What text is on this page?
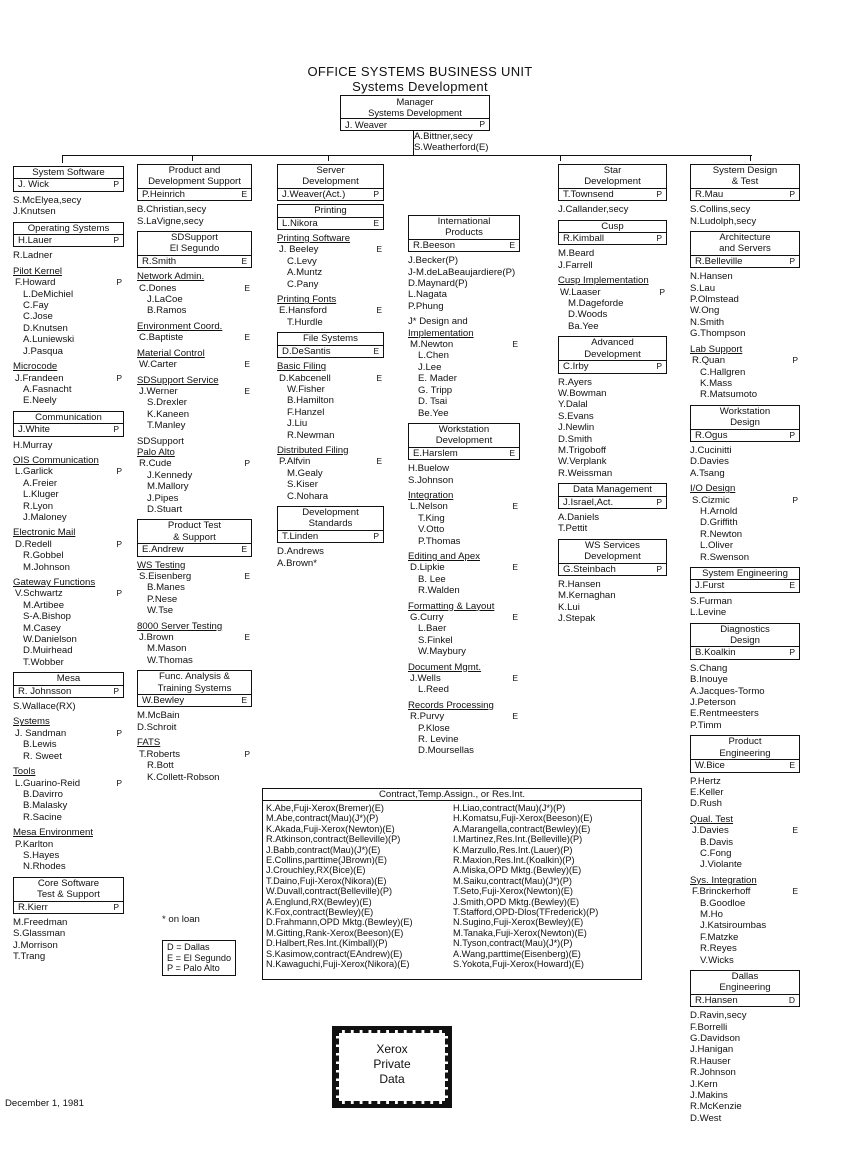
OFFICE SYSTEMS BUSINESS UNIT
Systems Development
Manager
Systems Development
J. Weaver	P
A.Bittner,secy
S.Weatherford(E)
System Software
J. Wick	P
S.McElyea,secy
J.Knutsen
Operating Systems
H.Lauer	P
R.Ladner
Pilot Kernel
F.Howard	P
L.DeMichiel
C.Fay
C.Jose
D.Knutsen
A.Luniewski
J.Pasqua
Microcode
J.Frandeen	P
A.Fasnacht
E.Neely
Communication
J.White	P
H.Murray
OIS Communication
L.Garlick	P
A.Freier
L.Kluger
R.Lyon
J.Maloney
Electronic Mail
D.Redell	P
R.Gobbel
M.Johnson
Gateway Functions
V.Schwartz	P
M.Artibee
S-A.Bishop
M.Casey
W.Danielson
D.Muirhead
T.Wobber
Mesa
R. Johnsson	P
S.Wallace(RX)
Systems
J. Sandman	P
B.Lewis
R. Sweet
Tools
L.Guarino-Reid	P
B.Davirro
B.Malasky
R.Sacine
Mesa Environment
P.Karlton
S.Hayes
N.Rhodes
Core Software
Test & Support
R.Kierr	P
M.Freedman
S.Glassman
J.Morrison
T.Trang
Product and
Development Support
P.Heinrich	E
B.Christian,secy
S.LaVigne,secy
SDSupport
El Segundo
R.Smith	E
Network Admin.
C.Dones	E
J.LaCoe
B.Ramos
Environment Coord.
C.Baptiste	E
Material Control
W.Carter	E
SDSupport Service
J.Werner	E
S.Drexler
K.Kaneen
T.Manley
SDSupport
Palo Alto
R.Cude	P
J.Kennedy
M.Mallory
J.Pipes
D.Stuart
Product Test
& Support
E.Andrew	E
WS Testing
S.Eisenberg	E
B.Manes
P.Nese
W.Tse
8000 Server Testing
J.Brown	E
M.Mason
W.Thomas
Func. Analysis &
Training Systems
W.Bewley	E
M.McBain
D.Schroit
FATS
T.Roberts	P
R.Bott
K.Collett-Robson
Server
Development
J.Weaver(Act.)	P
Printing
L.Nikora	E
Printing Software
J. Beeley	E
C.Levy
A.Muntz
C.Pany
Printing Fonts
E.Hansford	E
T.Hurdle
File Systems
D.DeSantis	E
Basic Filing
D.Kabcenell	E
W.Fisher
B.Hamilton
F.Hanzel
J.Liu
R.Newman
Distributed Filing
P.Alfvin	E
M.Gealy
S.Kiser
C.Nohara
Development
Standards
T.Linden	P
D.Andrews
A.Brown*
International
Products
R.Beeson	E
J.Becker(P)
J-M.deLaBeaujardiere(P)
D.Maynard(P)
L.Nagata
P.Phung
J* Design and
Implementation
M.Newton	E
L.Chen
J.Lee
E. Mader
G. Tripp
D. Tsai
Be.Yee
Workstation
Development
E.Harslem	E
H.Buelow
S.Johnson
Integration
L.Nelson	E
T.King
V.Otto
P.Thomas
Editing and Apex
D.Lipkie	E
B. Lee
R.Walden
Formatting & Layout
G.Curry	E
L.Baer
S.Finkel
W.Maybury
Document Mgmt.
J.Wells	E
L.Reed
Records Processing
R.Purvy	E
P.Klose
R. Levine
D.Moursellas
Star
Development
T.Townsend	P
J.Callander,secy
Cusp
R.Kimball	P
M.Beard
J.Farrell
Cusp Implementation
W.Laaser	P
M.Dageforde
D.Woods
Ba.Yee
Advanced
Development
C.Irby	P
R.Ayers
W.Bowman
Y.Dalal
S.Evans
J.Newlin
D.Smith
M.Trigoboff
W.Verplank
R.Weissman
Data Management
J.Israel,Act.	P
A.Daniels
T.Pettit
WS Services
Development
G.Steinbach	P
R.Hansen
M.Kernaghan
K.Lui
J.Stepak
System Design
& Test
R.Mau	P
S.Collins,secy
N.Ludolph,secy
Architecture
and Servers
R.Belleville	P
N.Hansen
S.Lau
P.Olmstead
W.Ong
N.Smith
G.Thompson
Lab Support
R.Quan	P
C.Hallgren
K.Mass
R.Matsumoto
Workstation
Design
R.Ogus	P
J.Cucinitti
D.Davies
A.Tsang
I/O Design
S.Cizmic	P
H.Arnold
D.Griffith
R.Newton
L.Oliver
R.Swenson
System Engineering
J.Furst	E
S.Furman
L.Levine
Diagnostics
Design
B.Koalkin	P
S.Chang
B.Inouye
A.Jacques-Tormo
J.Peterson
E.Rentmeesters
P.Timm
Product
Engineering
W.Bice	E
P.Hertz
E.Keller
D.Rush
Qual. Test
J.Davies	E
B.Davis
C.Fong
J.Violante
Sys. Integration
F.Brinckerhoff	E
B.Goodloe
M.Ho
J.Katsiroumbas
F.Matzke
R.Reyes
V.Wicks
Dallas
Engineering
R.Hansen	D
D.Ravin,secy
F.Borrelli
G.Davidson
J.Hanigan
R.Hauser
R.Johnson
J.Kern
J.Makins
R.McKenzie
D.West
Contract,Temp.Assign., or Res.Int.
K.Abe,Fuji-Xerox(Bremer)(E)
M.Abe,contract(Mau)(J*)(P)
K.Akada,Fuji-Xerox(Newton)(E)
R.Atkinson,contract(Belleville)(P)
J.Babb,contract(Mau)(J*)(E)
E.Collins,parttime(JBrown)(E)
J.Crouchley,RX(Bice)(E)
T.Daino,Fuji-Xerox(Nikora)(E)
W.Duvall,contract(Belleville)(P)
A.Englund,RX(Bewley)(E)
K.Fox,contract(Bewley)(E)
D.Frahmann,OPD Mktg.(Bewley)(E)
M.Gitting,Rank-Xerox(Beeson)(E)
D.Halbert,Res.Int.(Kimball)(P)
S.Kasimow,contract(EAndrew)(E)
N.Kawaguchi,Fuji-Xerox(Nikora)(E)
H.Liao,contract(Mau)(J*)(P)
H.Komatsu,Fuji-Xerox(Beeson)(E)
A.Marangella,contract(Bewley)(E)
I.Martinez,Res.Int.(Belleville)(P)
K.Marzullo,Res.Int.(Lauer)(P)
R.Maxion,Res.Int.(Koalkin)(P)
A.Miska,OPD Mktg.(Bewley)(E)
M.Saiku,contract(Mau)(J*)(P)
T.Seto,Fuji-Xerox(Newton)(E)
J.Smith,OPD Mktg.(Bewley)(E)
T.Stafford,OPD-Dlos(TFrederick)(P)
N.Sugino,Fuji-Xerox(Bewley)(E)
M.Tanaka,Fuji-Xerox(Newton)(E)
N.Tyson,contract(Mau)(J*)(P)
A.Wang,parttime(Eisenberg)(E)
S.Yokota,Fuji-Xerox(Howard)(E)
* on loan
D = Dallas
E = El Segundo
P = Palo Alto
Xerox
Private
Data
December 1, 1981
